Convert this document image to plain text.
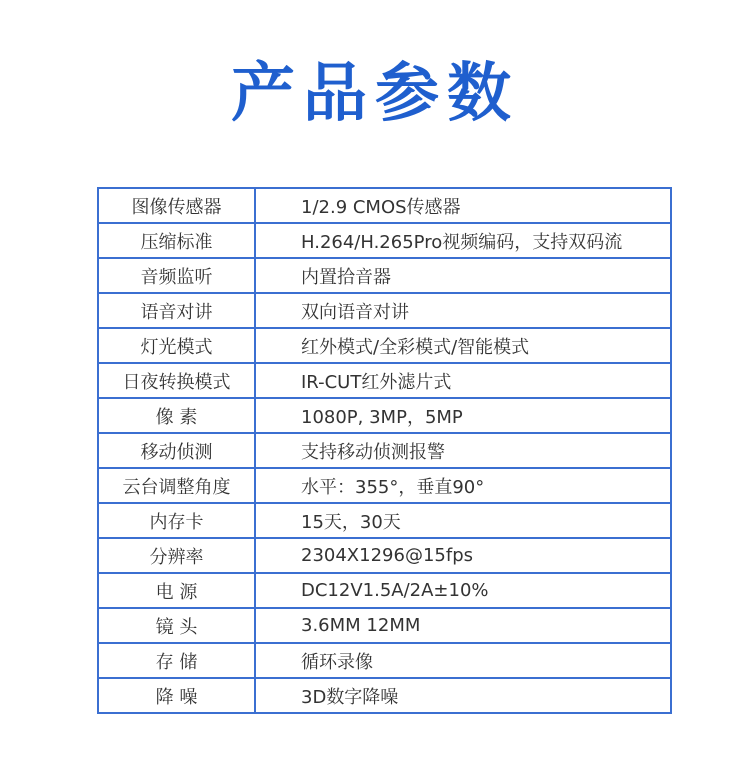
产品参数
图像传感器	1/2.9 CMOS传感器
压缩标准	H.264/H.265Pro视频编码，支持双码流
音频监听	内置拾音器
语音对讲	双向语音对讲
灯光模式	红外模式/全彩模式/智能模式
日夜转换模式	IR-CUT红外滤片式
像 素	1080P, 3MP，5MP
移动侦测	支持移动侦测报警
云台调整角度	水平：355°，垂直90°
内存卡	15天，30天
分辨率	2304X1296@15fps
电 源	DC12V1.5A/2A±10%
镜 头	3.6MM 12MM
存 储	循环录像
降 噪	3D数字降噪
